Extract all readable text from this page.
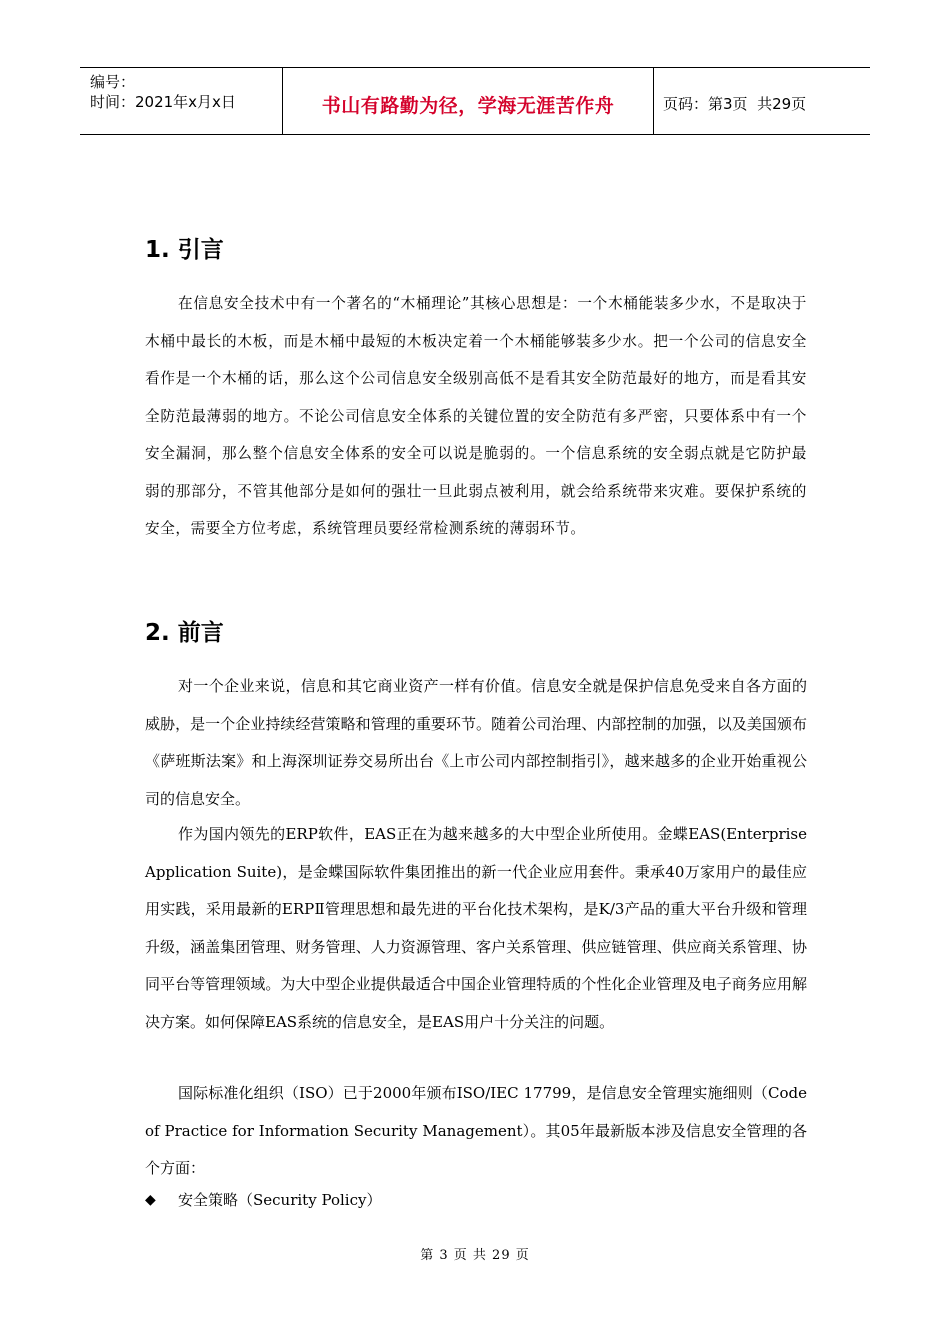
编号：
时间：2021年x月x日	书山有路勤为径，学海无涯苦作舟	页码：第3页  共29页
1. 引言

在信息安全技术中有一个著名的“木桶理论”其核心思想是：一个木桶能装多少水，不是取决于木桶中最长的木板，而是木桶中最短的木板决定着一个木桶能够装多少水。把一个公司的信息安全看作是一个木桶的话，那么这个公司信息安全级别高低不是看其安全防范最好的地方，而是看其安全防范最薄弱的地方。不论公司信息安全体系的关键位置的安全防范有多严密，只要体系中有一个安全漏洞，那么整个信息安全体系的安全可以说是脆弱的。一个信息系统的安全弱点就是它防护最弱的那部分，不管其他部分是如何的强壮一旦此弱点被利用，就会给系统带来灾难。要保护系统的安全，需要全方位考虑，系统管理员要经常检测系统的薄弱环节。

2. 前言

对一个企业来说，信息和其它商业资产一样有价值。信息安全就是保护信息免受来自各方面的威胁，是一个企业持续经营策略和管理的重要环节。随着公司治理、内部控制的加强，以及美国颁布《萨班斯法案》和上海深圳证券交易所出台《上市公司内部控制指引》，越来越多的企业开始重视公司的信息安全。

作为国内领先的ERP软件，EAS正在为越来越多的大中型企业所使用。金蝶EAS(Enterprise Application Suite)，是金蝶国际软件集团推出的新一代企业应用套件。秉承40万家用户的最佳应用实践，采用最新的ERPⅡ管理思想和最先进的平台化技术架构，是K/3产品的重大平台升级和管理升级，涵盖集团管理、财务管理、人力资源管理、客户关系管理、供应链管理、供应商关系管理、协同平台等管理领域。为大中型企业提供最适合中国企业管理特质的个性化企业管理及电子商务应用解决方案。如何保障EAS系统的信息安全，是EAS用户十分关注的问题。

国际标准化组织（ISO）已于2000年颁布ISO/IEC 17799，是信息安全管理实施细则（Code of Practice for Information Security Management）。其05年最新版本涉及信息安全管理的各个方面：

◆	安全策略（Security Policy）
第 3 页 共 29 页
